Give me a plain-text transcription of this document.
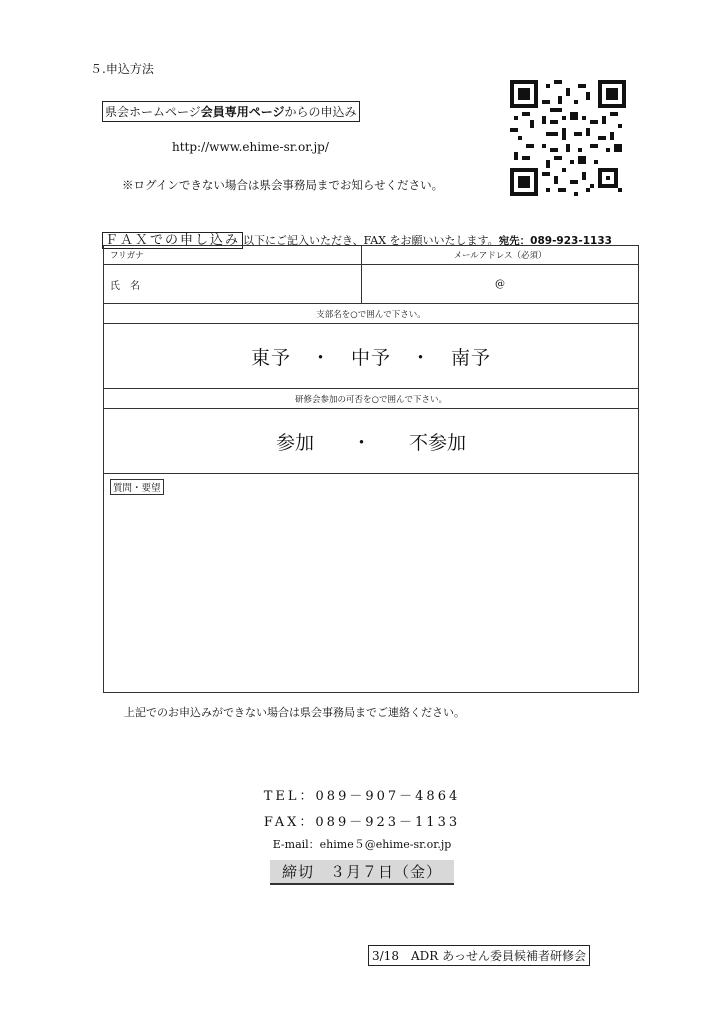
５.申込方法
県会ホームページ会員専用ページからの申込み
http://www.ehime-sr.or.jp/
※ログインできない場合は県会事務局までお知らせください。
ＦＡＸでの申し込み 以下にご記入いただき、FAX をお願いいたします。宛先：089-923-1133
フリガナ	メールアドレス（必須）
氏　名	@
支部名を○で囲んで下さい。	
東予　・　中予　・　南予	
研修会参加の可否を○で囲んで下さい。	
参加　　・　　不参加	
質問・要望	
上記でのお申込みができない場合は県会事務局までご連絡ください。
TEL：089－907－4864
FAX：089－923－1133
E-mail：ehime５@ehime-sr.or.jp
締切　３月７日（金）
3/18　ADR あっせん委員候補者研修会
